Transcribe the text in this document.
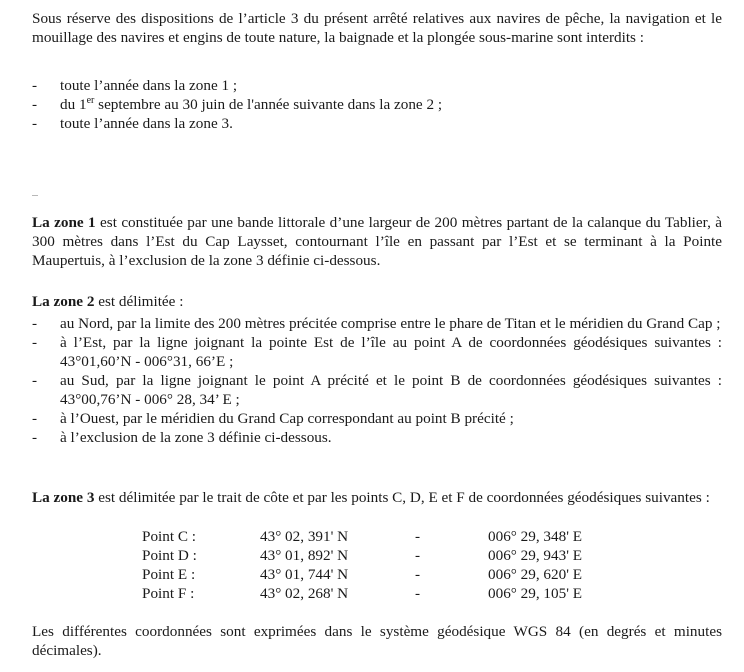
Sous réserve des dispositions de l’article 3 du présent arrêté relatives aux navires de pêche, la navigation et le mouillage des navires et engins de toute nature, la baignade et la plongée sous-marine sont interdits :

- toute l’année dans la zone 1 ;
- du 1er septembre au 30 juin de l'année suivante dans la zone 2 ;
- toute l’année dans la zone 3.

La zone 1 est constituée par une bande littorale d’une largeur de 200 mètres partant de la calanque du Tablier, à 300 mètres dans l’Est du Cap Laysset, contournant l’île en passant par l’Est et se terminant à la Pointe Maupertuis, à l’exclusion de la zone 3 définie ci-dessous.

La zone 2 est délimitée :

- au Nord, par la limite des 200 mètres précitée comprise entre le phare de Titan et le méridien du Grand Cap ;
- à l’Est, par la ligne joignant la pointe Est de l’île au point A de coordonnées géodésiques suivantes : 43°01,60’N - 006°31, 66’E ;
- au Sud, par la ligne joignant le point A précité et le point B de coordonnées géodésiques suivantes : 43°00,76’N - 006° 28, 34’ E ;
- à l’Ouest, par le méridien du Grand Cap correspondant au point B précité ;
- à l’exclusion de la zone 3 définie ci-dessous.

La zone 3 est délimitée par le trait de côte et par les points C, D, E et F de coordonnées géodésiques suivantes :

Point C :	43° 02, 391' N	-	006° 29, 348' E
Point D :	43° 01, 892' N	-	006° 29, 943' E
Point E :	43° 01, 744' N	-	006° 29, 620' E
Point F :	43° 02, 268' N	-	006° 29, 105' E

Les différentes coordonnées sont exprimées dans le système géodésique WGS 84 (en degrés et minutes décimales).
